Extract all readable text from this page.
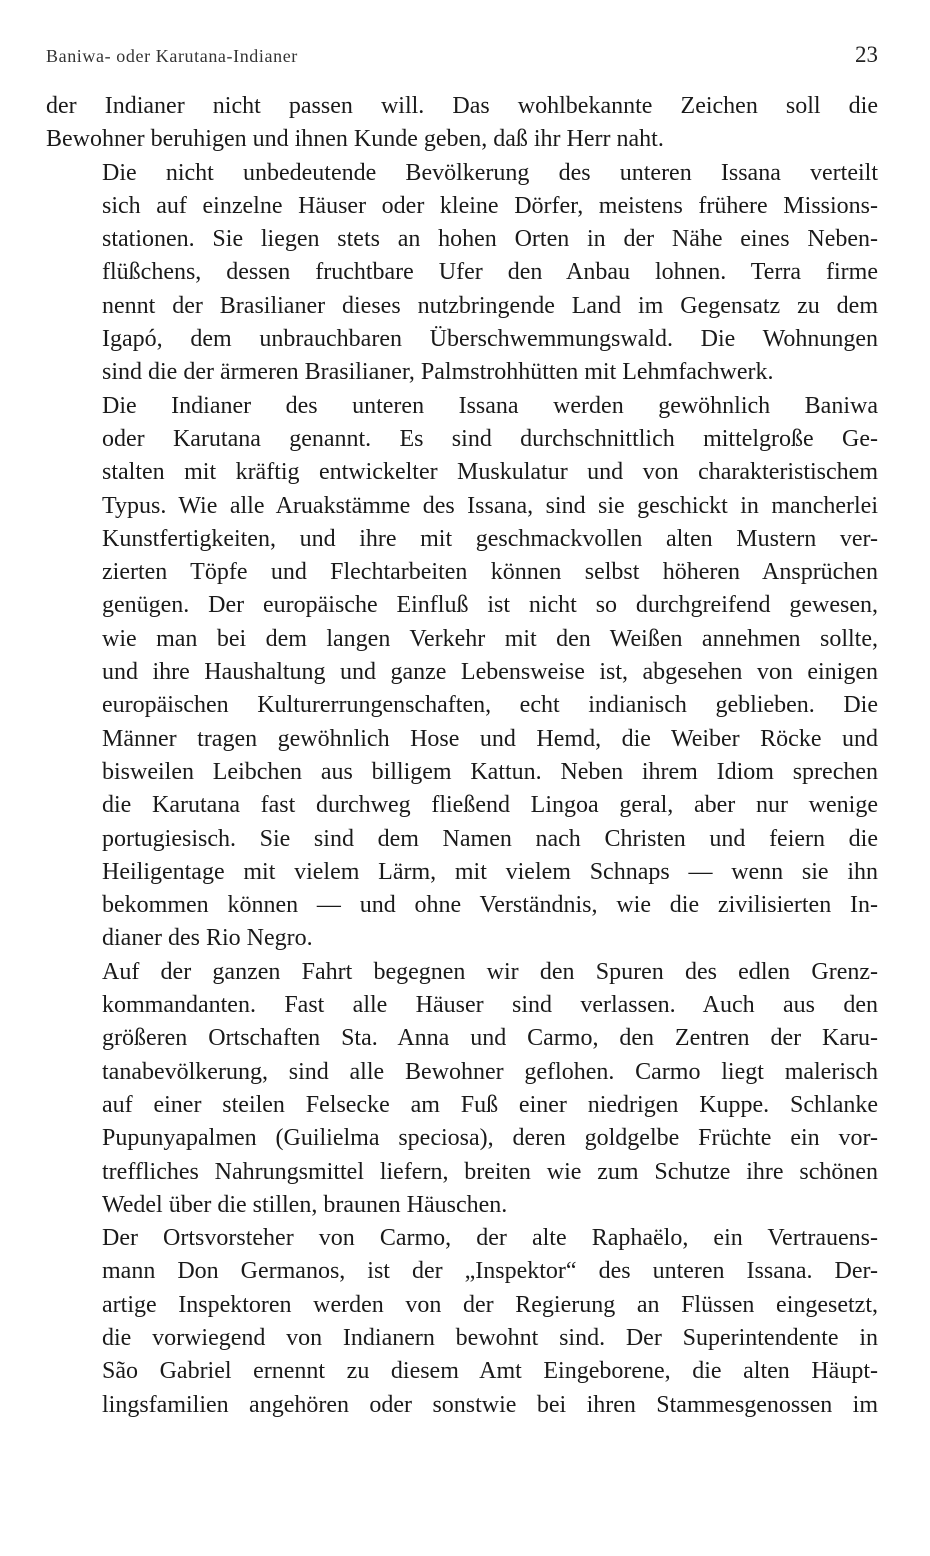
Baniwa- oder Karutana-Indianer	23
der Indianer nicht passen will. Das wohlbekannte Zeichen soll die
Bewohner beruhigen und ihnen Kunde geben, daß ihr Herr naht.
Die nicht unbedeutende Bevölkerung des unteren Issana verteilt
sich auf einzelne Häuser oder kleine Dörfer, meistens frühere Missions-
stationen. Sie liegen stets an hohen Orten in der Nähe eines Neben-
flüßchens, dessen fruchtbare Ufer den Anbau lohnen. Terra firme
nennt der Brasilianer dieses nutzbringende Land im Gegensatz zu dem
Igapó, dem unbrauchbaren Überschwemmungswald. Die Wohnungen
sind die der ärmeren Brasilianer, Palmstrohhütten mit Lehmfachwerk.
Die Indianer des unteren Issana werden gewöhnlich Baniwa
oder Karutana genannt. Es sind durchschnittlich mittelgroße Ge-
stalten mit kräftig entwickelter Muskulatur und von charakteristischem
Typus. Wie alle Aruakstämme des Issana, sind sie geschickt in mancherlei
Kunstfertigkeiten, und ihre mit geschmackvollen alten Mustern ver-
zierten Töpfe und Flechtarbeiten können selbst höheren Ansprüchen
genügen. Der europäische Einfluß ist nicht so durchgreifend gewesen,
wie man bei dem langen Verkehr mit den Weißen annehmen sollte,
und ihre Haushaltung und ganze Lebensweise ist, abgesehen von einigen
europäischen Kulturerrungenschaften, echt indianisch geblieben. Die
Männer tragen gewöhnlich Hose und Hemd, die Weiber Röcke und
bisweilen Leibchen aus billigem Kattun. Neben ihrem Idiom sprechen
die Karutana fast durchweg fließend Lingoa geral, aber nur wenige
portugiesisch. Sie sind dem Namen nach Christen und feiern die
Heiligentage mit vielem Lärm, mit vielem Schnaps — wenn sie ihn
bekommen können — und ohne Verständnis, wie die zivilisierten In-
dianer des Rio Negro.
Auf der ganzen Fahrt begegnen wir den Spuren des edlen Grenz-
kommandanten. Fast alle Häuser sind verlassen. Auch aus den
größeren Ortschaften Sta. Anna und Carmo, den Zentren der Karu-
tanabevölkerung, sind alle Bewohner geflohen. Carmo liegt malerisch
auf einer steilen Felsecke am Fuß einer niedrigen Kuppe. Schlanke
Pupunyapalmen (Guilielma speciosa), deren goldgelbe Früchte ein vor-
treffliches Nahrungsmittel liefern, breiten wie zum Schutze ihre schönen
Wedel über die stillen, braunen Häuschen.
Der Ortsvorsteher von Carmo, der alte Raphaëlo, ein Vertrauens-
mann Don Germanos, ist der „Inspektor“ des unteren Issana. Der-
artige Inspektoren werden von der Regierung an Flüssen eingesetzt,
die vorwiegend von Indianern bewohnt sind. Der Superintendente in
São Gabriel ernennt zu diesem Amt Eingeborene, die alten Häupt-
lingsfamilien angehören oder sonstwie bei ihren Stammesgenossen im
